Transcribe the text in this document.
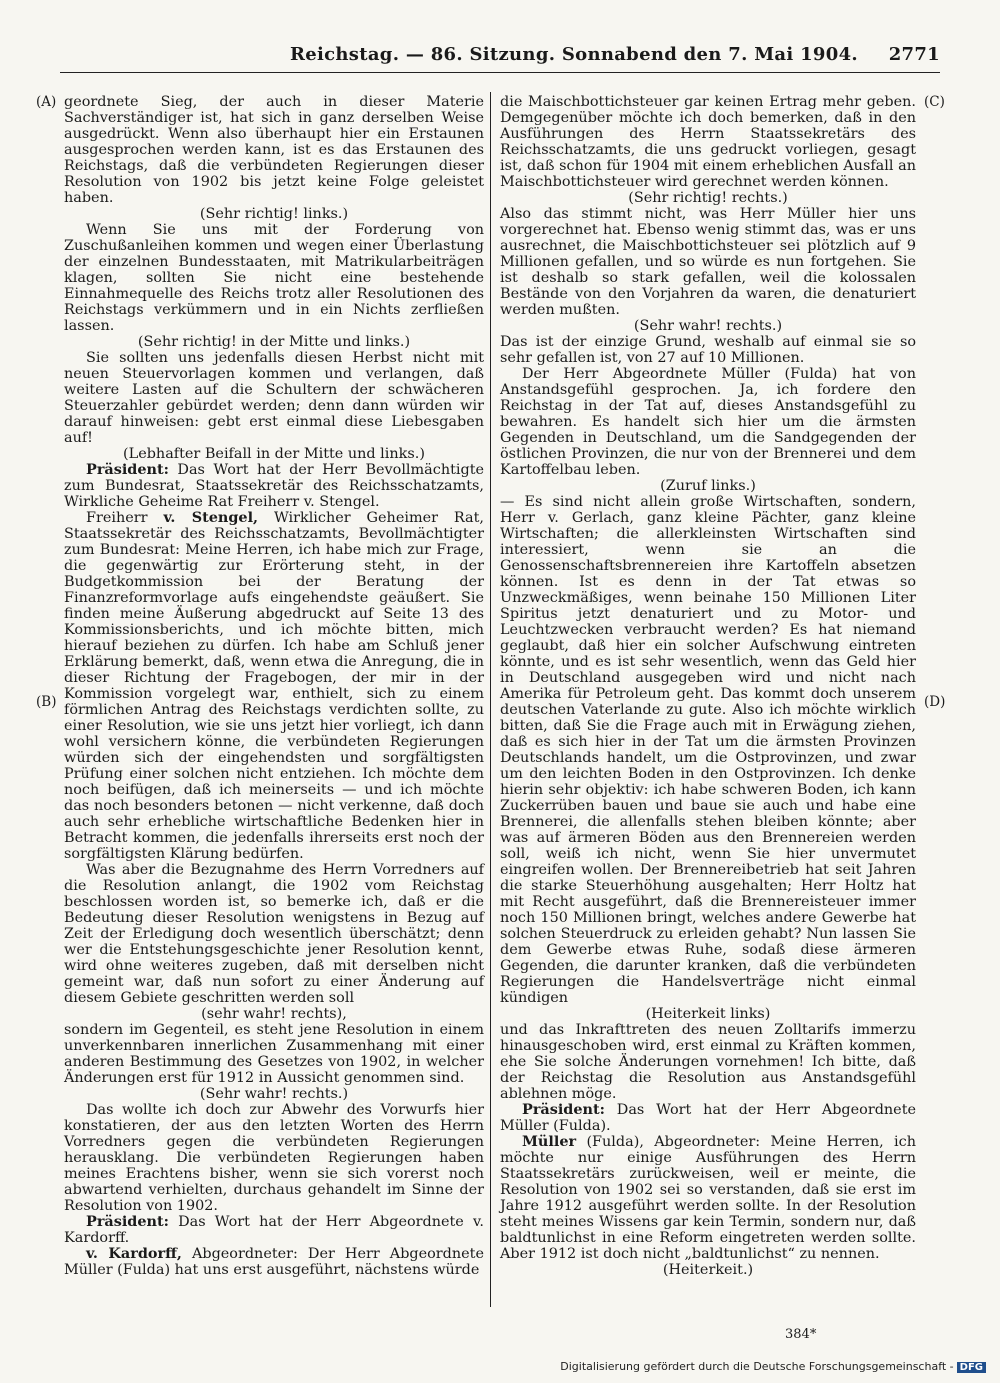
Reichstag. — 86. Sitzung. Sonnabend den 7. Mai 1904. 2771
(A)
(B)
(C)
(D)

geordnete Sieg, der auch in dieser Materie Sachverständiger ist, hat sich in ganz derselben Weise ausgedrückt. Wenn also überhaupt hier ein Erstaunen ausgesprochen werden kann, ist es das Erstaunen des Reichstags, daß die verbündeten Regierungen dieser Resolution von 1902 bis jetzt keine Folge geleistet haben.

(Sehr richtig! links.)

Wenn Sie uns mit der Forderung von Zuschußanleihen kommen und wegen einer Überlastung der einzelnen Bundesstaaten, mit Matrikularbeiträgen klagen, sollten Sie nicht eine bestehende Einnahmequelle des Reichs trotz aller Resolutionen des Reichstags verkümmern und in ein Nichts zerfließen lassen.

(Sehr richtig! in der Mitte und links.)

Sie sollten uns jedenfalls diesen Herbst nicht mit neuen Steuervorlagen kommen und verlangen, daß weitere Lasten auf die Schultern der schwächeren Steuerzahler gebürdet werden; denn dann würden wir darauf hinweisen: gebt erst einmal diese Liebesgaben auf!

(Lebhafter Beifall in der Mitte und links.)

Präsident: Das Wort hat der Herr Bevollmächtigte zum Bundesrat, Staatssekretär des Reichsschatzamts, Wirkliche Geheime Rat Freiherr v. Stengel.

Freiherr v. Stengel, Wirklicher Geheimer Rat, Staatssekretär des Reichsschatzamts, Bevollmächtigter zum Bundesrat: Meine Herren, ich habe mich zur Frage, die gegenwärtig zur Erörterung steht, in der Budgetkommission bei der Beratung der Finanzreformvorlage aufs eingehendste geäußert. Sie finden meine Äußerung abgedruckt auf Seite 13 des Kommissionsberichts, und ich möchte bitten, mich hierauf beziehen zu dürfen. Ich habe am Schluß jener Erklärung bemerkt, daß, wenn etwa die Anregung, die in dieser Richtung der Fragebogen, der mir in der Kommission vorgelegt war, enthielt, sich zu einem förmlichen Antrag des Reichstags verdichten sollte, zu einer Resolution, wie sie uns jetzt hier vorliegt, ich dann wohl versichern könne, die verbündeten Regierungen würden sich der eingehendsten und sorgfältigsten Prüfung einer solchen nicht entziehen. Ich möchte dem noch beifügen, daß ich meinerseits — und ich möchte das noch besonders betonen — nicht verkenne, daß doch auch sehr erhebliche wirtschaftliche Bedenken hier in Betracht kommen, die jedenfalls ihrerseits erst noch der sorgfältigsten Klärung bedürfen.

Was aber die Bezugnahme des Herrn Vorredners auf die Resolution anlangt, die 1902 vom Reichstag beschlossen worden ist, so bemerke ich, daß er die Bedeutung dieser Resolution wenigstens in Bezug auf Zeit der Erledigung doch wesentlich überschätzt; denn wer die Entstehungsgeschichte jener Resolution kennt, wird ohne weiteres zugeben, daß mit derselben nicht gemeint war, daß nun sofort zu einer Änderung auf diesem Gebiete geschritten werden soll

(sehr wahr! rechts),

sondern im Gegenteil, es steht jene Resolution in einem unverkennbaren innerlichen Zusammenhang mit einer anderen Bestimmung des Gesetzes von 1902, in welcher Änderungen erst für 1912 in Aussicht genommen sind.

(Sehr wahr! rechts.)

Das wollte ich doch zur Abwehr des Vorwurfs hier konstatieren, der aus den letzten Worten des Herrn Vorredners gegen die verbündeten Regierungen herausklang. Die verbündeten Regierungen haben meines Erachtens bisher, wenn sie sich vorerst noch abwartend verhielten, durchaus gehandelt im Sinne der Resolution von 1902.

Präsident: Das Wort hat der Herr Abgeordnete v. Kardorff.

v. Kardorff, Abgeordneter: Der Herr Abgeordnete Müller (Fulda) hat uns erst ausgeführt, nächstens würde

die Maischbottichsteuer gar keinen Ertrag mehr geben. Demgegenüber möchte ich doch bemerken, daß in den Ausführungen des Herrn Staatssekretärs des Reichsschatzamts, die uns gedruckt vorliegen, gesagt ist, daß schon für 1904 mit einem erheblichen Ausfall an Maischbottichsteuer wird gerechnet werden können.

(Sehr richtig! rechts.)

Also das stimmt nicht, was Herr Müller hier uns vorgerechnet hat. Ebenso wenig stimmt das, was er uns ausrechnet, die Maischbottichsteuer sei plötzlich auf 9 Millionen gefallen, und so würde es nun fortgehen. Sie ist deshalb so stark gefallen, weil die kolossalen Bestände von den Vorjahren da waren, die denaturiert werden mußten.

(Sehr wahr! rechts.)

Das ist der einzige Grund, weshalb auf einmal sie so sehr gefallen ist, von 27 auf 10 Millionen.

Der Herr Abgeordnete Müller (Fulda) hat von Anstandsgefühl gesprochen. Ja, ich fordere den Reichstag in der Tat auf, dieses Anstandsgefühl zu bewahren. Es handelt sich hier um die ärmsten Gegenden in Deutschland, um die Sandgegenden der östlichen Provinzen, die nur von der Brennerei und dem Kartoffelbau leben.

(Zuruf links.)

— Es sind nicht allein große Wirtschaften, sondern, Herr v. Gerlach, ganz kleine Pächter, ganz kleine Wirtschaften; die allerkleinsten Wirtschaften sind interessiert, wenn sie an die Genossenschaftsbrennereien ihre Kartoffeln absetzen können. Ist es denn in der Tat etwas so Unzweckmäßiges, wenn beinahe 150 Millionen Liter Spiritus jetzt denaturiert und zu Motor- und Leuchtzwecken verbraucht werden? Es hat niemand geglaubt, daß hier ein solcher Aufschwung eintreten könnte, und es ist sehr wesentlich, wenn das Geld hier in Deutschland ausgegeben wird und nicht nach Amerika für Petroleum geht. Das kommt doch unserem deutschen Vaterlande zu gute. Also ich möchte wirklich bitten, daß Sie die Frage auch mit in Erwägung ziehen, daß es sich hier in der Tat um die ärmsten Provinzen Deutschlands handelt, um die Ostprovinzen, und zwar um den leichten Boden in den Ostprovinzen. Ich denke hierin sehr objektiv: ich habe schweren Boden, ich kann Zuckerrüben bauen und baue sie auch und habe eine Brennerei, die allenfalls stehen bleiben könnte; aber was auf ärmeren Böden aus den Brennereien werden soll, weiß ich nicht, wenn Sie hier unvermutet eingreifen wollen. Der Brennereibetrieb hat seit Jahren die starke Steuerhöhung ausgehalten; Herr Holtz hat mit Recht ausgeführt, daß die Brennereisteuer immer noch 150 Millionen bringt, welches andere Gewerbe hat solchen Steuerdruck zu erleiden gehabt? Nun lassen Sie dem Gewerbe etwas Ruhe, sodaß diese ärmeren Gegenden, die darunter kranken, daß die verbündeten Regierungen die Handelsverträge nicht einmal kündigen

(Heiterkeit links)

und das Inkrafttreten des neuen Zolltarifs immerzu hinausgeschoben wird, erst einmal zu Kräften kommen, ehe Sie solche Änderungen vornehmen! Ich bitte, daß der Reichstag die Resolution aus Anstandsgefühl ablehnen möge.

Präsident: Das Wort hat der Herr Abgeordnete Müller (Fulda).

Müller (Fulda), Abgeordneter: Meine Herren, ich möchte nur einige Ausführungen des Herrn Staatssekretärs zurückweisen, weil er meinte, die Resolution von 1902 sei so verstanden, daß sie erst im Jahre 1912 ausgeführt werden sollte. In der Resolution steht meines Wissens gar kein Termin, sondern nur, daß baldtunlichst in eine Reform eingetreten werden sollte. Aber 1912 ist doch nicht „baldtunlichst“ zu nennen.

(Heiterkeit.)

384*
Digitalisierung gefördert durch die Deutsche Forschungsgemeinschaft - DFG
